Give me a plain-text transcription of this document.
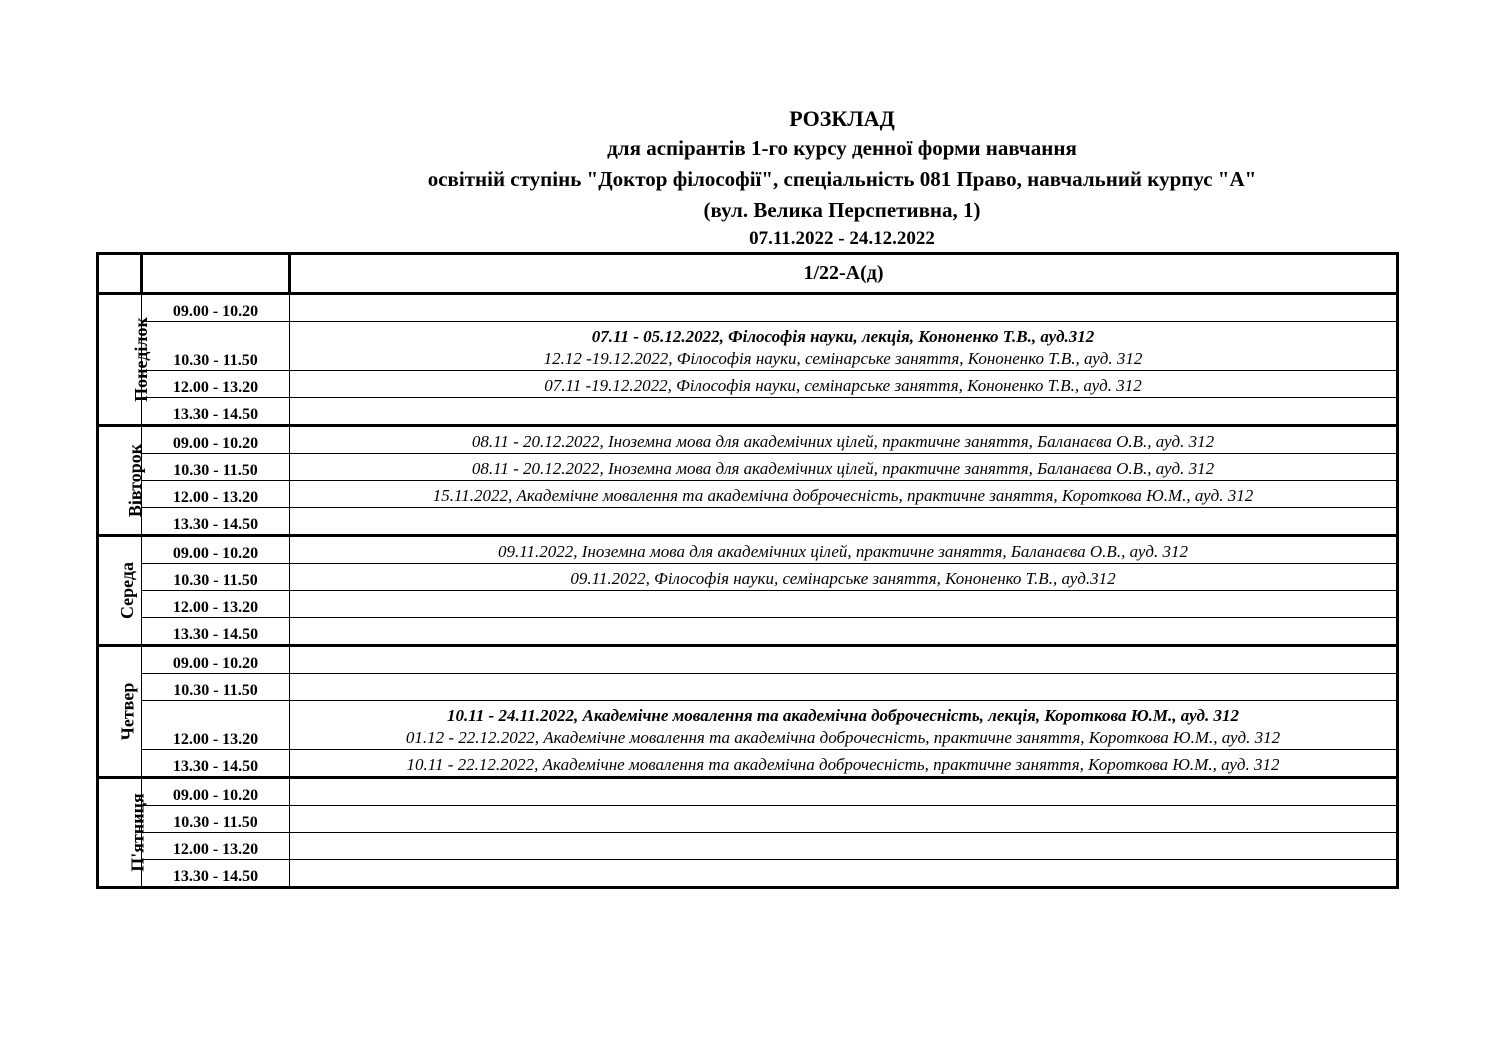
РОЗКЛАД
для аспірантів 1-го курсу денної форми навчання
освітній ступінь "Доктор філософії", спеціальність 081 Право, навчальний курпус "А"
(вул. Велика Перспетивна, 1)
07.11.2022 - 24.12.2022
		1/22-А(д)
Понеділок	09.00 - 10.20	
	10.30 - 11.50	07.11 - 05.12.2022, Філософія науки, лекція, Кононенко Т.В., ауд.312
12.12 -19.12.2022, Філософія науки, семінарське заняття, Кононенко Т.В., ауд. 312

	12.00 - 13.20	07.11 -19.12.2022, Філософія науки, семінарське заняття, Кононенко Т.В., ауд. 312

	13.30 - 14.50	
Вівторок	09.00 - 10.20	08.11 - 20.12.2022, Іноземна мова для академічних цілей, практичне заняття, Баланаєва О.В., ауд. 312

	10.30 - 11.50	08.11 - 20.12.2022, Іноземна мова для академічних цілей, практичне заняття, Баланаєва О.В., ауд. 312

	12.00 - 13.20	15.11.2022, Академічне мовалення та академічна доброчесність, практичне заняття, Короткова Ю.М., ауд. 312

	13.30 - 14.50	
Середа	09.00 - 10.20	09.11.2022, Іноземна мова для академічних цілей, практичне заняття, Баланаєва О.В., ауд. 312

	10.30 - 11.50	09.11.2022, Філософія науки, семінарське заняття, Кононенко Т.В., ауд.312

	12.00 - 13.20	
	13.30 - 14.50	
Четвер	09.00 - 10.20	
	10.30 - 11.50	
	12.00 - 13.20	10.11 - 24.11.2022, Академічне мовалення та академічна доброчесність, лекція, Короткова Ю.М., ауд. 312
01.12 - 22.12.2022, Академічне мовалення та академічна доброчесність, практичне заняття, Короткова Ю.М., ауд. 312

	13.30 - 14.50	10.11 - 22.12.2022, Академічне мовалення та академічна доброчесність, практичне заняття, Короткова Ю.М., ауд. 312

П'ятниця	09.00 - 10.20	
	10.30 - 11.50	
	12.00 - 13.20	
	13.30 - 14.50	
